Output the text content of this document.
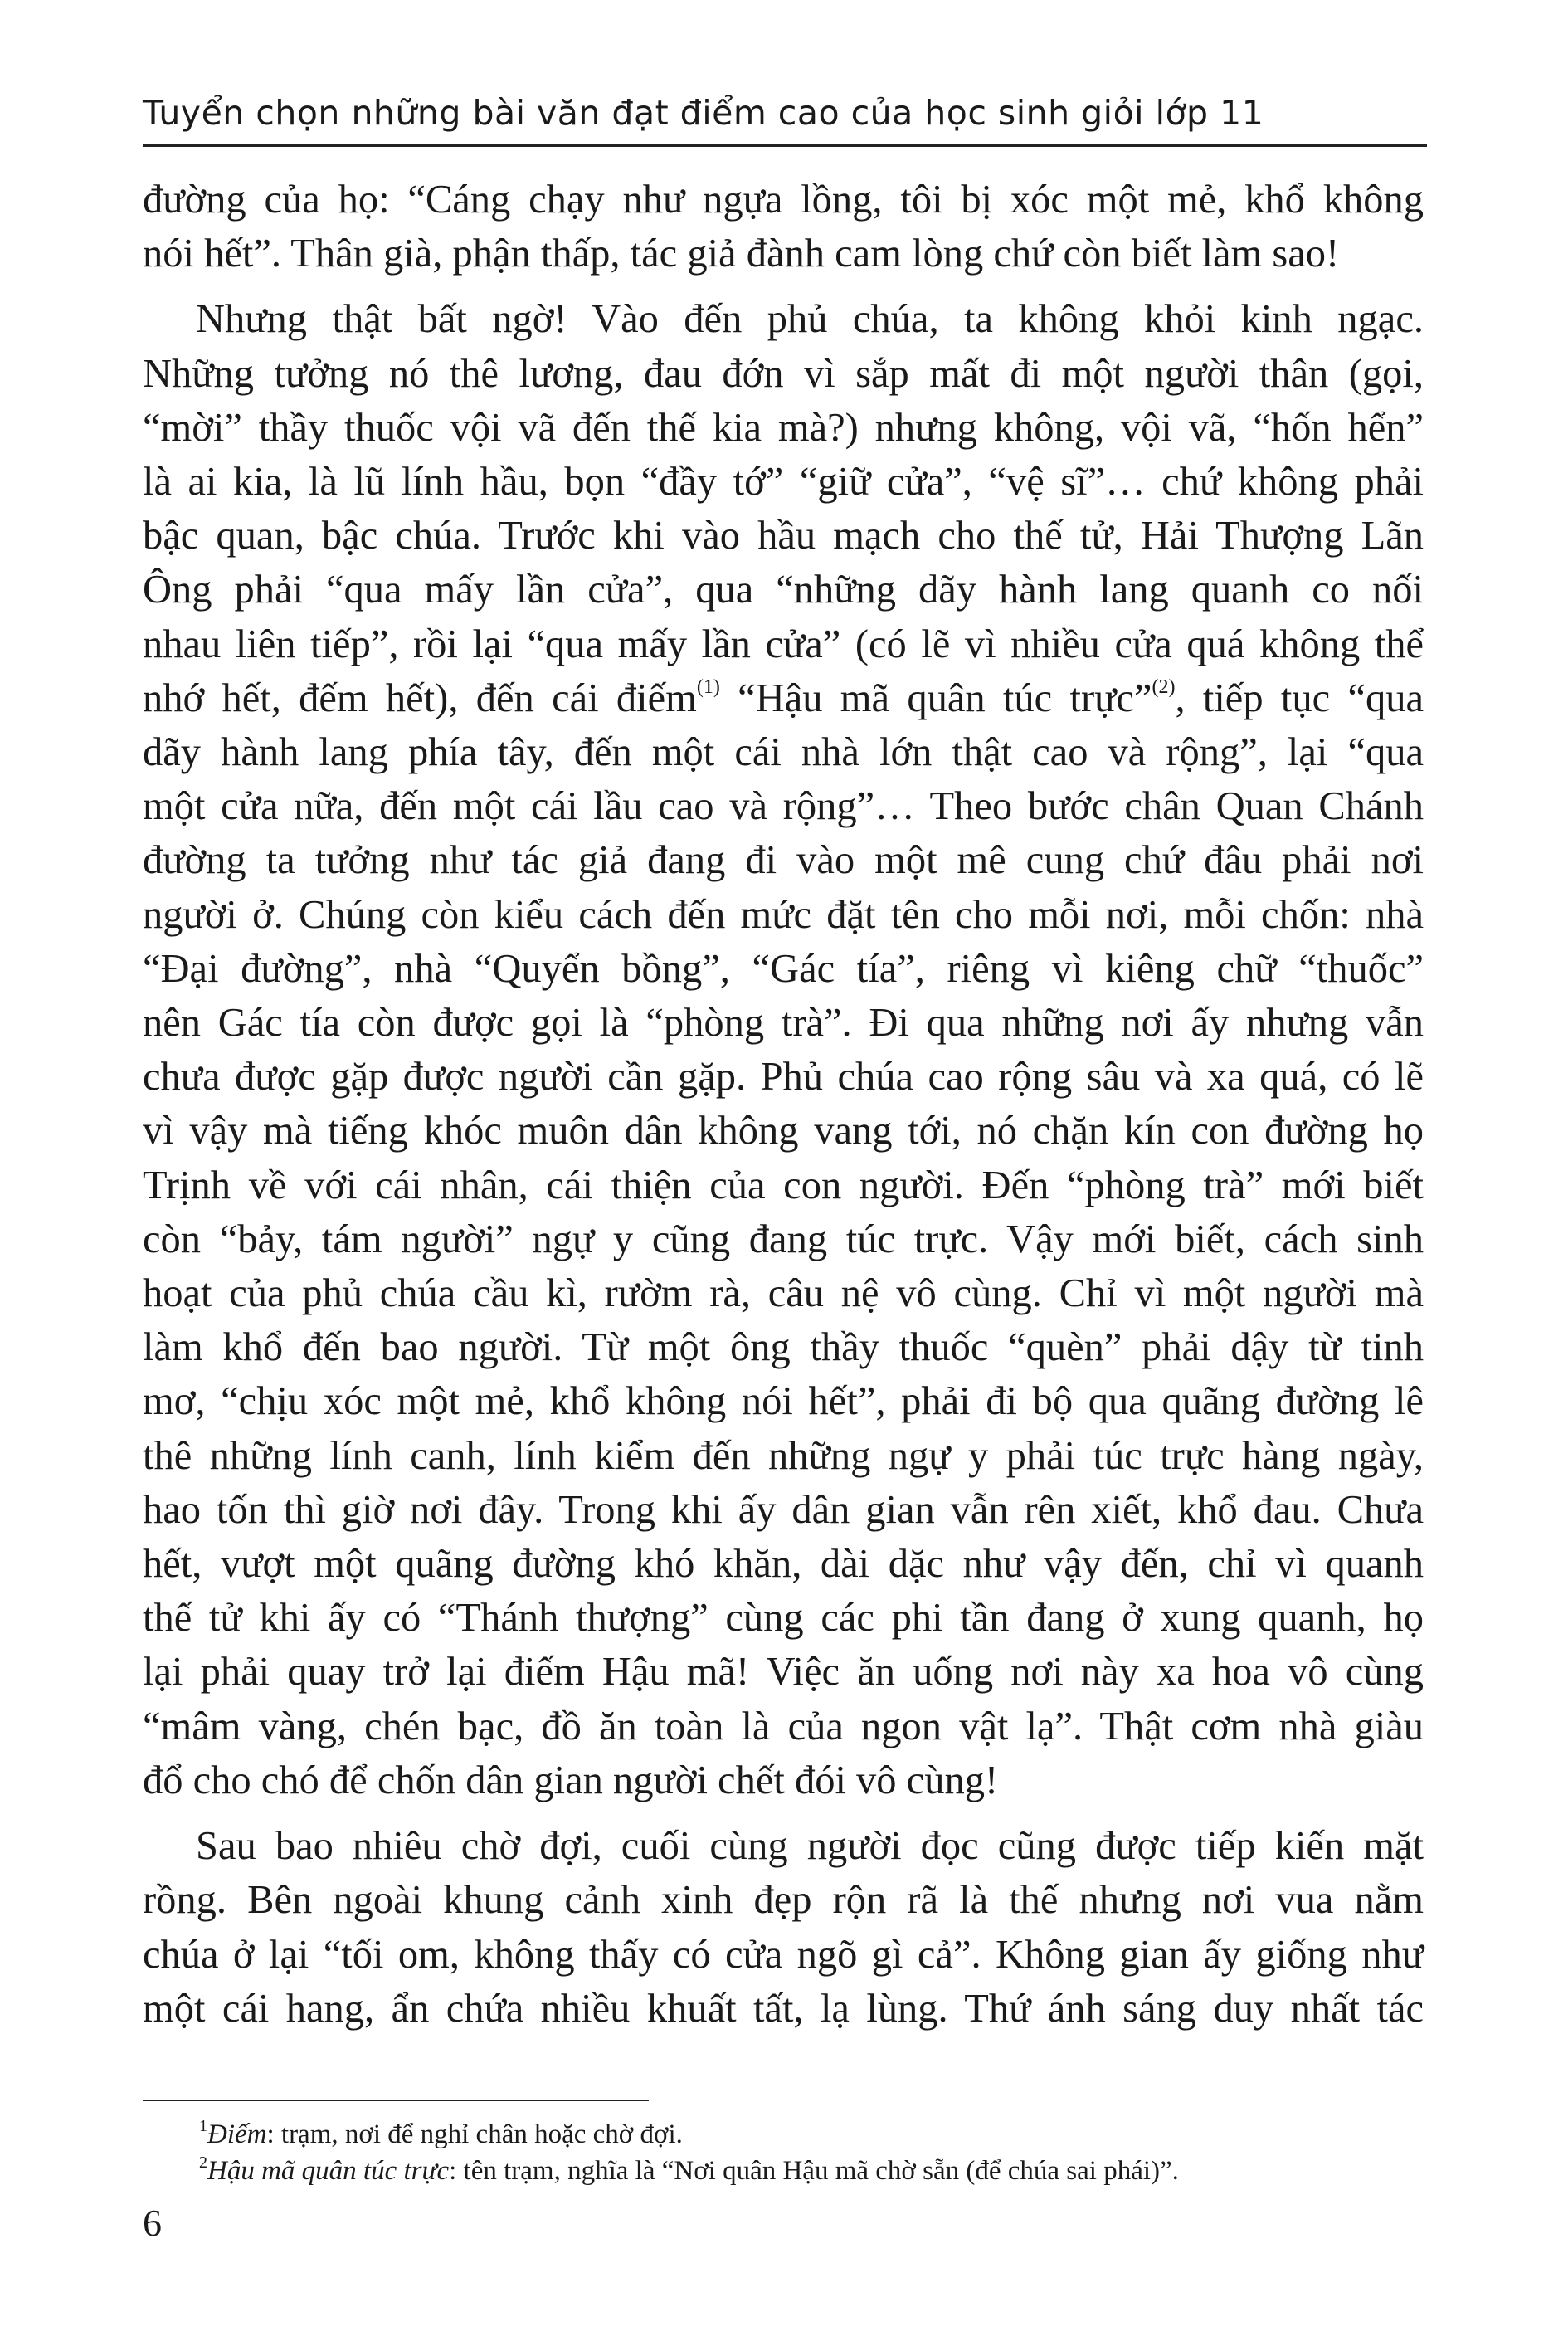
Tuyển chọn những bài văn đạt điểm cao của học sinh giỏi lớp 11
đường của họ: “Cáng chạy như ngựa lồng, tôi bị xóc một mẻ, khổ không
nói hết”. Thân già, phận thấp, tác giả đành cam lòng chứ còn biết làm sao!
Nhưng thật bất ngờ! Vào đến phủ chúa, ta không khỏi kinh ngạc.
Những tưởng nó thê lương, đau đớn vì sắp mất đi một người thân (gọi,
“mời” thầy thuốc vội vã đến thế kia mà?) nhưng không, vội vã, “hốn hển”
là ai kia, là lũ lính hầu, bọn “đầy tớ” “giữ cửa”, “vệ sĩ”… chứ không phải
bậc quan, bậc chúa. Trước khi vào hầu mạch cho thế tử, Hải Thượng Lãn
Ông phải “qua mấy lần cửa”, qua “những dãy hành lang quanh co nối
nhau liên tiếp”, rồi lại “qua mấy lần cửa” (có lẽ vì nhiều cửa quá không thể
nhớ hết, đếm hết), đến cái điếm$^{(1)}$ “Hậu mã quân túc trực”$^{(2)}$, tiếp tục “qua
dãy hành lang phía tây, đến một cái nhà lớn thật cao và rộng”, lại “qua
một cửa nữa, đến một cái lầu cao và rộng”… Theo bước chân Quan Chánh
đường ta tưởng như tác giả đang đi vào một mê cung chứ đâu phải nơi
người ở. Chúng còn kiểu cách đến mức đặt tên cho mỗi nơi, mỗi chốn: nhà
“Đại đường”, nhà “Quyển bồng”, “Gác tía”, riêng vì kiêng chữ “thuốc”
nên Gác tía còn được gọi là “phòng trà”. Đi qua những nơi ấy nhưng vẫn
chưa được gặp được người cần gặp. Phủ chúa cao rộng sâu và xa quá, có lẽ
vì vậy mà tiếng khóc muôn dân không vang tới, nó chặn kín con đường họ
Trịnh về với cái nhân, cái thiện của con người. Đến “phòng trà” mới biết
còn “bảy, tám người” ngự y cũng đang túc trực. Vậy mới biết, cách sinh
hoạt của phủ chúa cầu kì, rườm rà, câu nệ vô cùng. Chỉ vì một người mà
làm khổ đến bao người. Từ một ông thầy thuốc “quèn” phải dậy từ tinh
mơ, “chịu xóc một mẻ, khổ không nói hết”, phải đi bộ qua quãng đường lê
thê những lính canh, lính kiểm đến những ngự y phải túc trực hàng ngày,
hao tốn thì giờ nơi đây. Trong khi ấy dân gian vẫn rên xiết, khổ đau. Chưa
hết, vượt một quãng đường khó khăn, dài dặc như vậy đến, chỉ vì quanh
thế tử khi ấy có “Thánh thượng” cùng các phi tần đang ở xung quanh, họ
lại phải quay trở lại điếm Hậu mã! Việc ăn uống nơi này xa hoa vô cùng
“mâm vàng, chén bạc, đồ ăn toàn là của ngon vật lạ”. Thật cơm nhà giàu
đổ cho chó để chốn dân gian người chết đói vô cùng!
Sau bao nhiêu chờ đợi, cuối cùng người đọc cũng được tiếp kiến mặt
rồng. Bên ngoài khung cảnh xinh đẹp rộn rã là thế nhưng nơi vua nằm
chúa ở lại “tối om, không thấy có cửa ngõ gì cả”. Không gian ấy giống như
một cái hang, ẩn chứa nhiều khuất tất, lạ lùng. Thứ ánh sáng duy nhất tác
$^1$Điếm: trạm, nơi để nghỉ chân hoặc chờ đợi.
$^2$Hậu mã quân túc trực: tên trạm, nghĩa là “Nơi quân Hậu mã chờ sẵn (để chúa sai phái)”.
6
